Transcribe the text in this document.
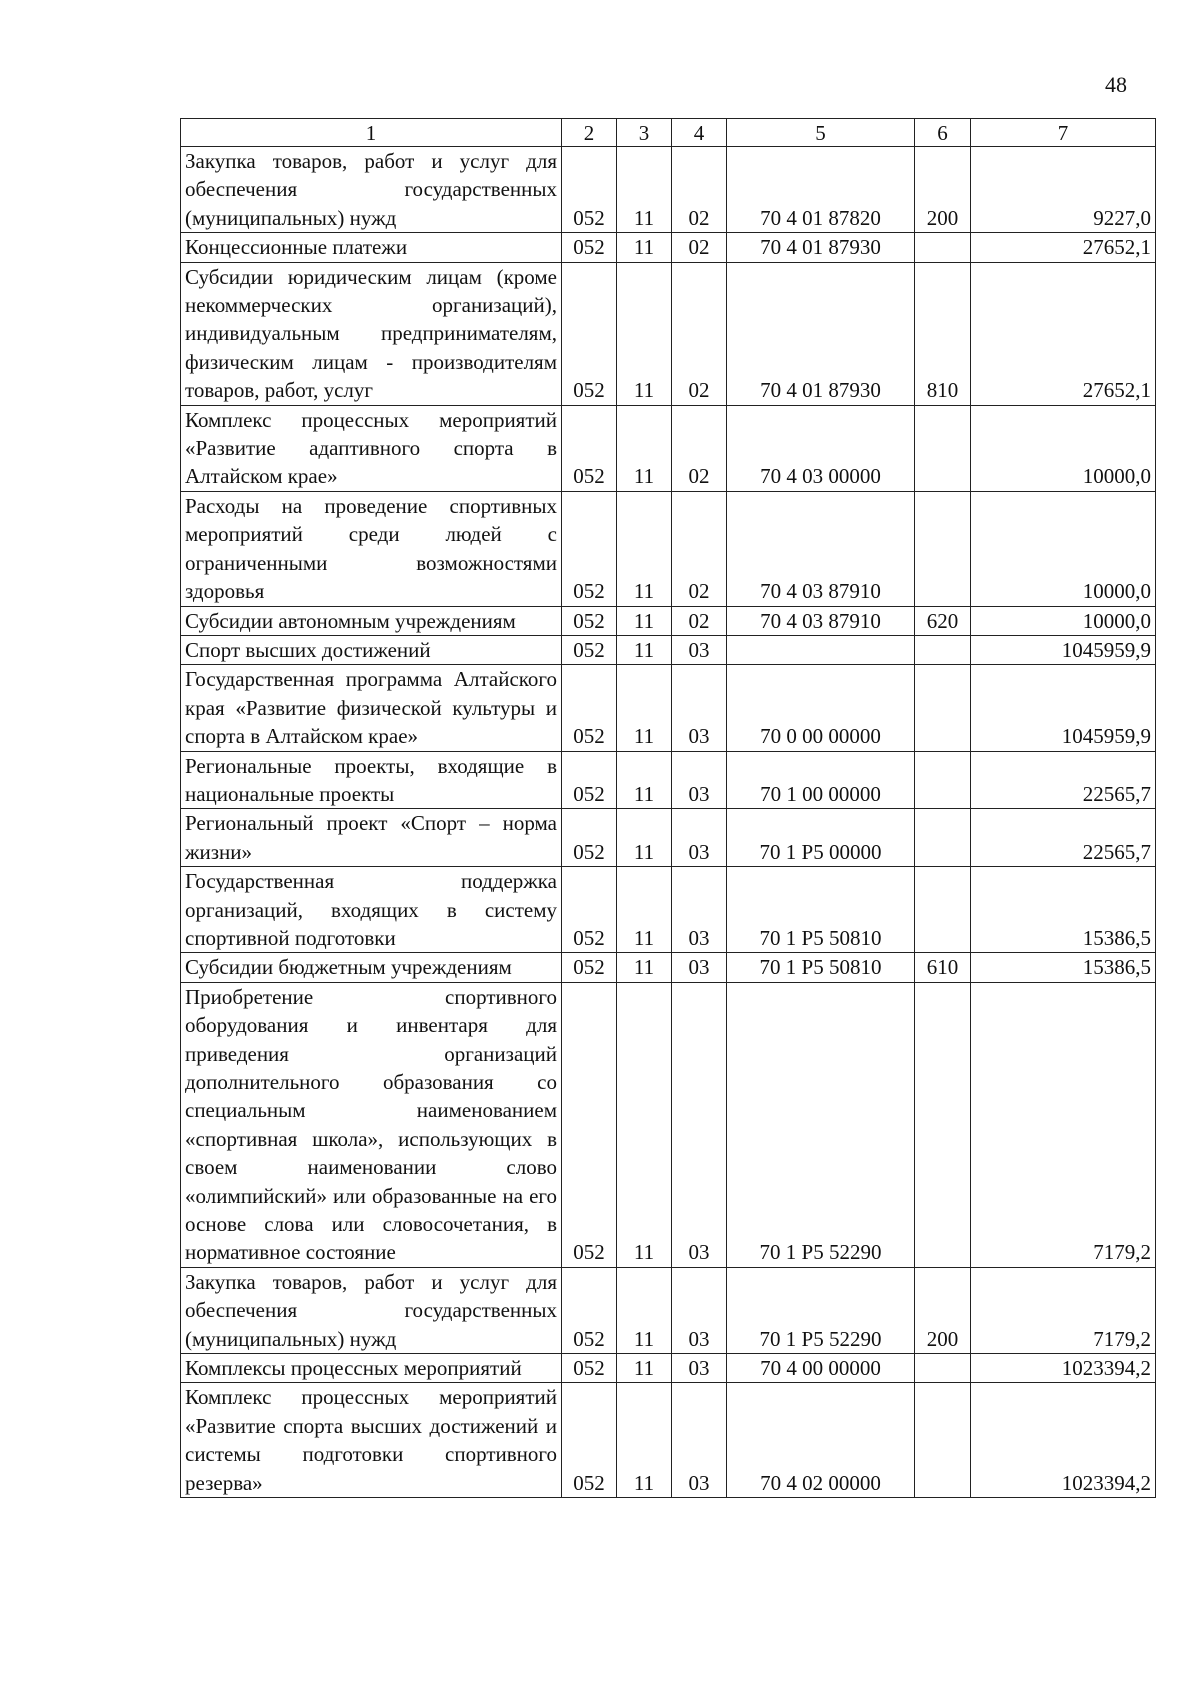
48
1	2	3	4	5	6	7
Закупка товаров, работ и услуг для обеспечения государственных (муниципальных) нужд	052	11	02	70 4 01 87820	200	9227,0
Концессионные платежи	052	11	02	70 4 01 87930		27652,1
Субсидии юридическим лицам (кроме некоммерческих организаций), индивидуальным предпринимателям, физическим лицам - производителям товаров, работ, услуг	052	11	02	70 4 01 87930	810	27652,1
Комплекс процессных мероприятий «Развитие адаптивного спорта в Алтайском крае»	052	11	02	70 4 03 00000		10000,0
Расходы на проведение спортивных мероприятий среди людей с ограниченными возможностями здоровья	052	11	02	70 4 03 87910		10000,0
Субсидии автономным учреждениям	052	11	02	70 4 03 87910	620	10000,0
Спорт высших достижений	052	11	03			1045959,9
Государственная программа Алтайского края «Развитие физической культуры и спорта в Алтайском крае»	052	11	03	70 0 00 00000		1045959,9
Региональные проекты, входящие в национальные проекты	052	11	03	70 1 00 00000		22565,7
Региональный проект «Спорт – норма жизни»	052	11	03	70 1 P5 00000		22565,7
Государственная поддержка организаций, входящих в систему спортивной подготовки	052	11	03	70 1 P5 50810		15386,5
Субсидии бюджетным учреждениям	052	11	03	70 1 P5 50810	610	15386,5
Приобретение спортивного оборудования и инвентаря для приведения организаций дополнительного образования со специальным наименованием «спортивная школа», использующих в своем наименовании слово «олимпийский» или образованные на его основе слова или словосочетания, в нормативное состояние	052	11	03	70 1 P5 52290		7179,2
Закупка товаров, работ и услуг для обеспечения государственных (муниципальных) нужд	052	11	03	70 1 P5 52290	200	7179,2
Комплексы процессных мероприятий	052	11	03	70 4 00 00000		1023394,2
Комплекс процессных мероприятий «Развитие спорта высших достижений и системы подготовки спортивного резерва»	052	11	03	70 4 02 00000		1023394,2
